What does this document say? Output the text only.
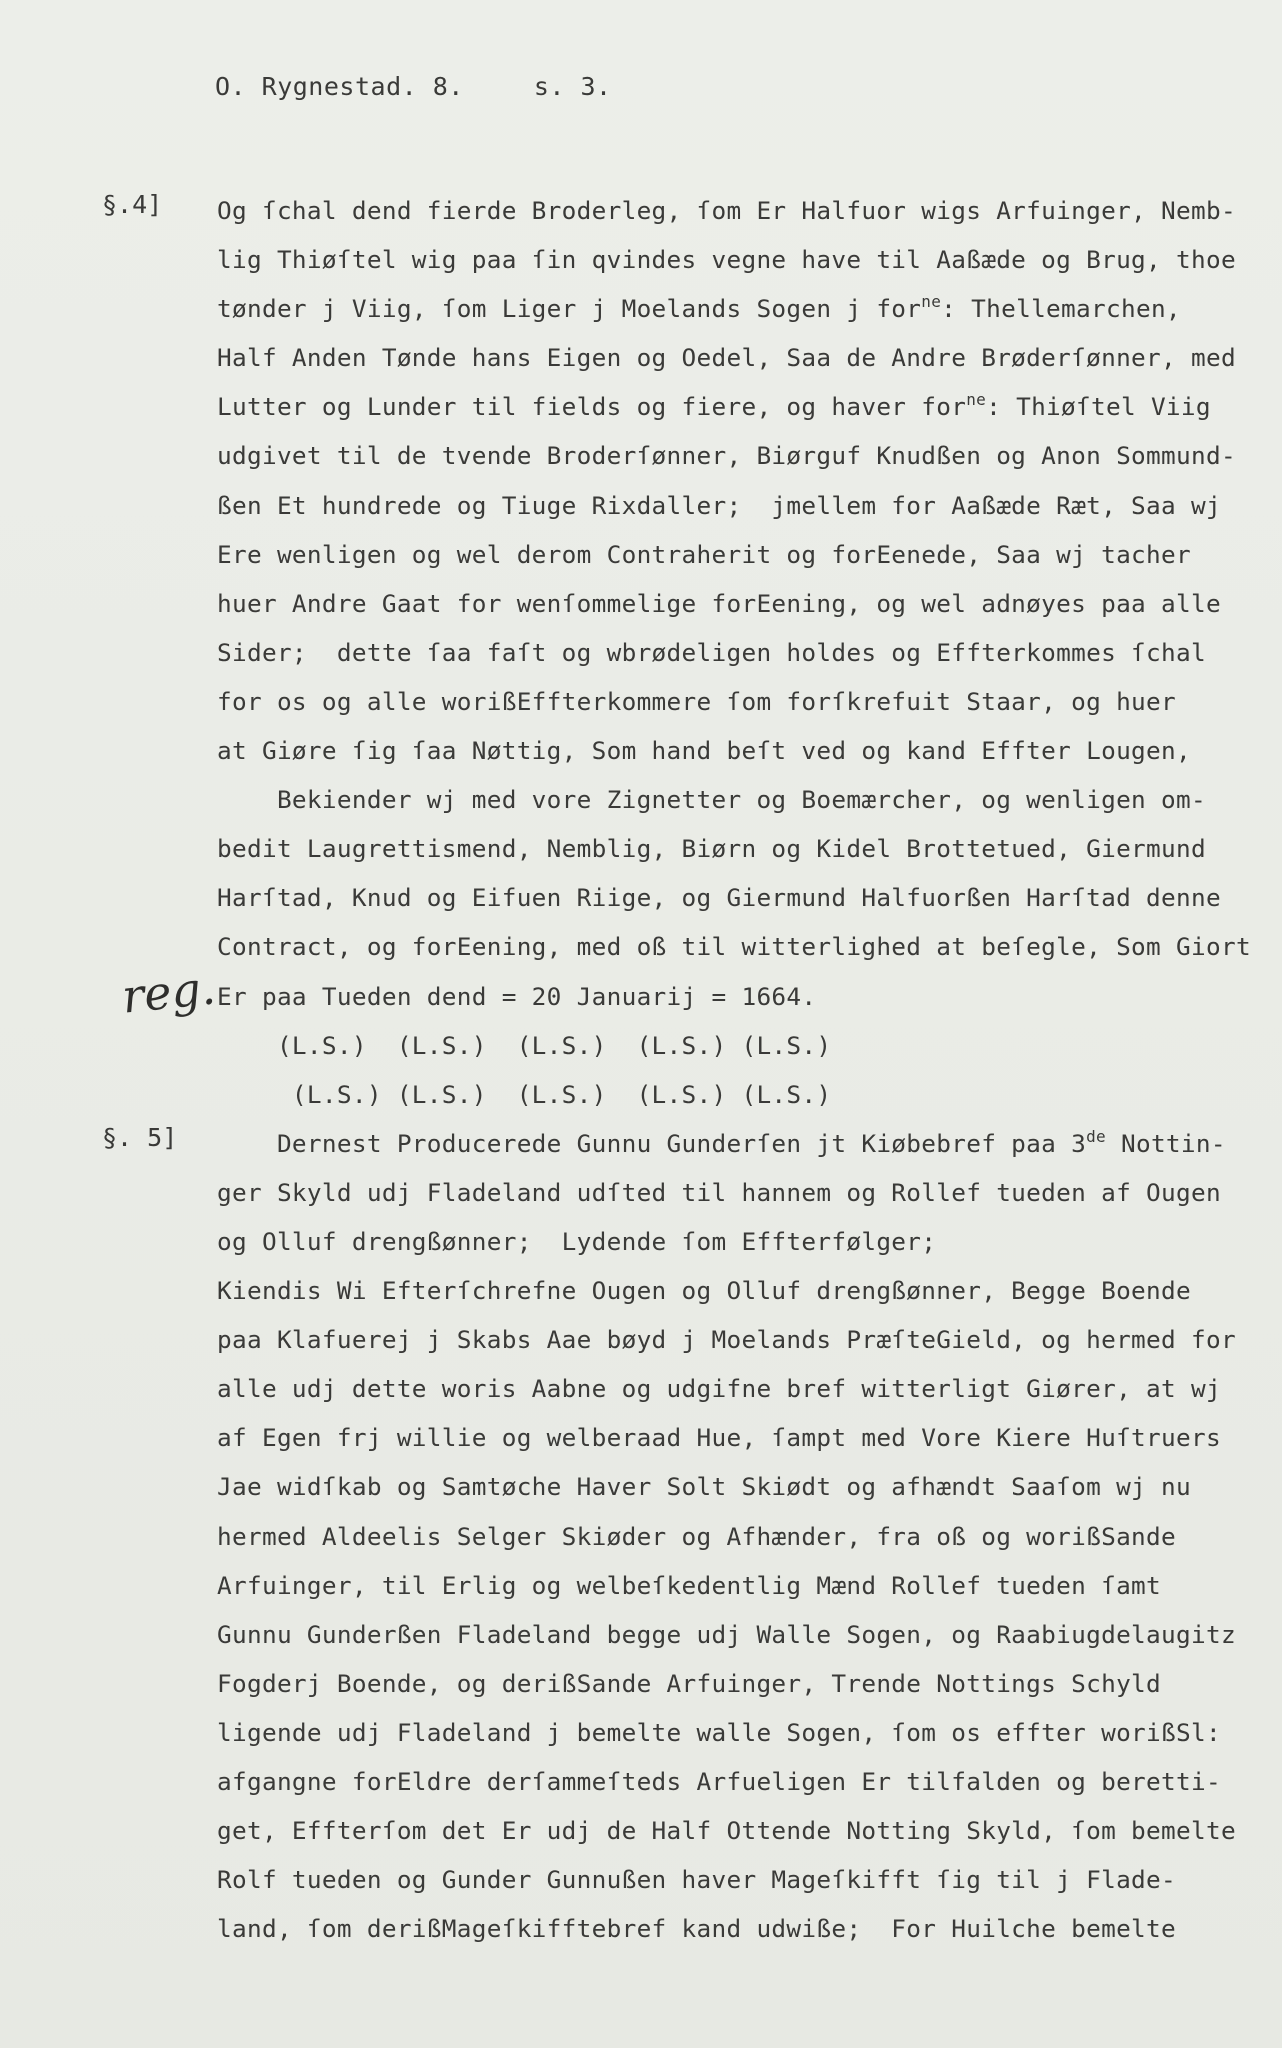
O. Rygnestad. 8.	s. 3.
§.4]
§. 5]
reg.
Og ſchal dend fierde Broderleg, ſom Er Halfuor wigs Arfuinger, Nemb-
lig Thiøſtel wig paa ſin qvindes vegne have til Aaßæde og Brug, thoe
tønder j Viig, ſom Liger j Moelands Sogen j for$^{ne}$: Thellemarchen,
Half Anden Tønde hans Eigen og Oedel, Saa de Andre Brøderſønner, med
Lutter og Lunder til fields og fiere, og haver for$^{ne}$: Thiøſtel Viig
udgivet til de tvende Broderſønner, Biørguf Knudßen og Anon Sommund-
ßen Et hundrede og Tiuge Rixdaller;  jmellem for Aaßæde Ræt, Saa wj
Ere wenligen og wel derom Contraherit og forEenede, Saa wj tacher
huer Andre Gaat for wenſommelige forEening, og wel adnøyes paa alle
Sider;  dette ſaa faſt og wbrødeligen holdes og Effterkommes ſchal
for os og alle worißEffterkommere ſom forſkrefuit Staar, og huer
at Giøre ſig ſaa Nøttig, Som hand beſt ved og kand Effter Lougen,
Bekiender wj med vore Zignetter og Boemærcher, og wenligen om-
bedit Laugrettismend, Nemblig, Biørn og Kidel Brottetued, Giermund
Harſtad, Knud og Eifuen Riige, og Giermund Halfuorßen Harſtad denne
Contract, og forEening, med oß til witterlighed at beſegle, Som Giort
Er paa Tueden dend = 20 Januarij = 1664.
(L.S.)  (L.S.)  (L.S.)  (L.S.) (L.S.)
(L.S.) (L.S.)  (L.S.)  (L.S.) (L.S.)
Dernest Producerede Gunnu Gunderſen jt Kiøbebref paa 3de Nottin-
ger Skyld udj Fladeland udſted til hannem og Rollef tueden af Ougen
og Olluf drengßønner;  Lydende ſom Effterfølger;
Kiendis Wi Efterſchrefne Ougen og Olluf drengßønner, Begge Boende
paa Klafuerej j Skabs Aae bøyd j Moelands PræſteGield, og hermed for
alle udj dette woris Aabne og udgifne bref witterligt Giører, at wj
af Egen frj willie og welberaad Hue, ſampt med Vore Kiere Huſtruers
Jae widſkab og Samtøche Haver Solt Skiødt og afhændt Saaſom wj nu
hermed Aldeelis Selger Skiøder og Afhænder, fra oß og worißSande
Arfuinger, til Erlig og welbeſkedentlig Mænd Rollef tueden ſamt
Gunnu Gunderßen Fladeland begge udj Walle Sogen, og Raabiugdelaugitz
Fogderj Boende, og derißSande Arfuinger, Trende Nottings Schyld
ligende udj Fladeland j bemelte walle Sogen, ſom os effter worißSl:
afgangne forEldre derſammeſteds Arfueligen Er tilfalden og beretti-
get, Effterſom det Er udj de Half Ottende Notting Skyld, ſom bemelte
Rolf tueden og Gunder Gunnußen haver Mageſkifft ſig til j Flade-
land, ſom derißMageſkifftebref kand udwiße;  For Huilche bemelte
